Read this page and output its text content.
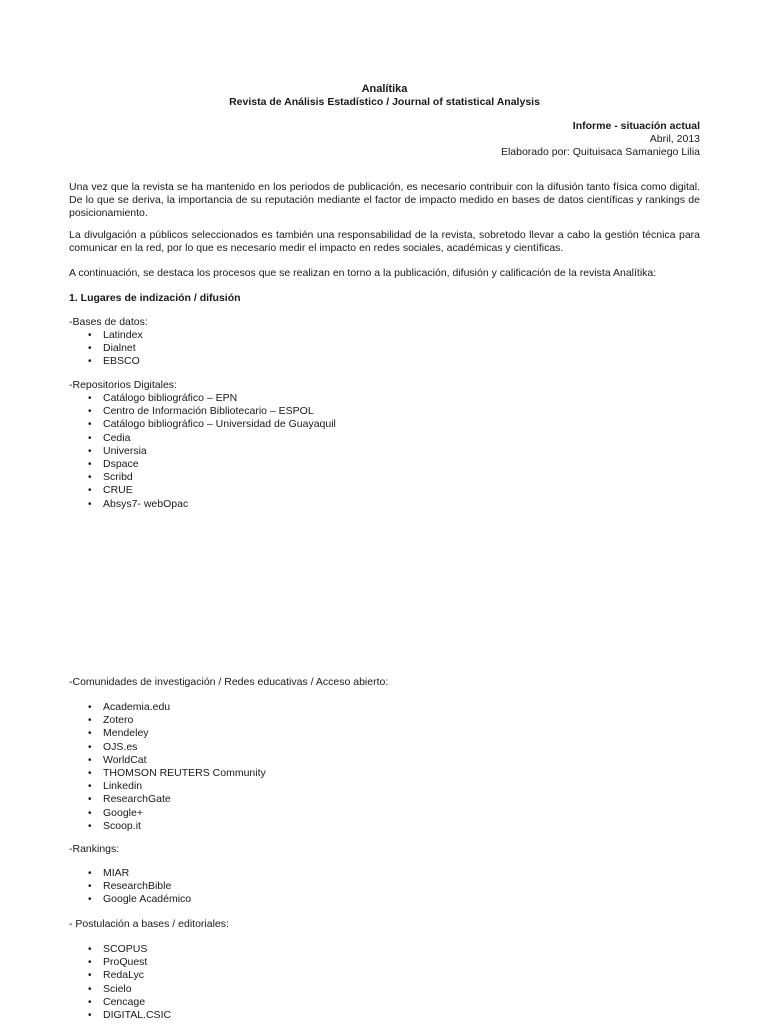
Analítika
Revista de Análisis Estadístico / Journal of statistical Analysis
Informe - situación actual
Abril, 2013
Elaborado por: Quituisaca Samaniego Lilia

Una vez que la revista se ha mantenido en los periodos de publicación, es necesario contribuir con la difusión tanto física como digital. De lo que se deriva, la importancia de su reputación mediante el factor de impacto medido en bases de datos científicas y rankings de posicionamiento.

La divulgación a públicos seleccionados es también una responsabilidad de la revista, sobretodo llevar a cabo la gestión técnica para comunicar en la red, por lo que es necesario medir el impacto en redes sociales, académicas y científicas.

A continuación, se destaca los procesos que se realizan en torno a la publicación, difusión y calificación de la revista Analítika:

1. Lugares de indización / difusión

-Bases de datos:

• Latindex
• Dialnet
• EBSCO

-Repositorios Digitales:

• Catálogo bibliográfico – EPN
• Centro de Información Bibliotecario – ESPOL
• Catálogo bibliográfico – Universidad de Guayaquil
• Cedia
• Universia
• Dspace
• Scribd
• CRUE
• Absys7- webOpac

-Comunidades de investigación / Redes educativas / Acceso abierto:

• Academia.edu
• Zotero
• Mendeley
• OJS.es
• WorldCat
• THOMSON REUTERS Community
• Linkedin
• ResearchGate
• Google+
• Scoop.it

-Rankings:

• MIAR
• ResearchBible
• Google Académico

- Postulación a bases / editoriales:

• SCOPUS
• ProQuest
• RedaLyc
• Scielo
• Cencage
• DIGITAL.CSIC
